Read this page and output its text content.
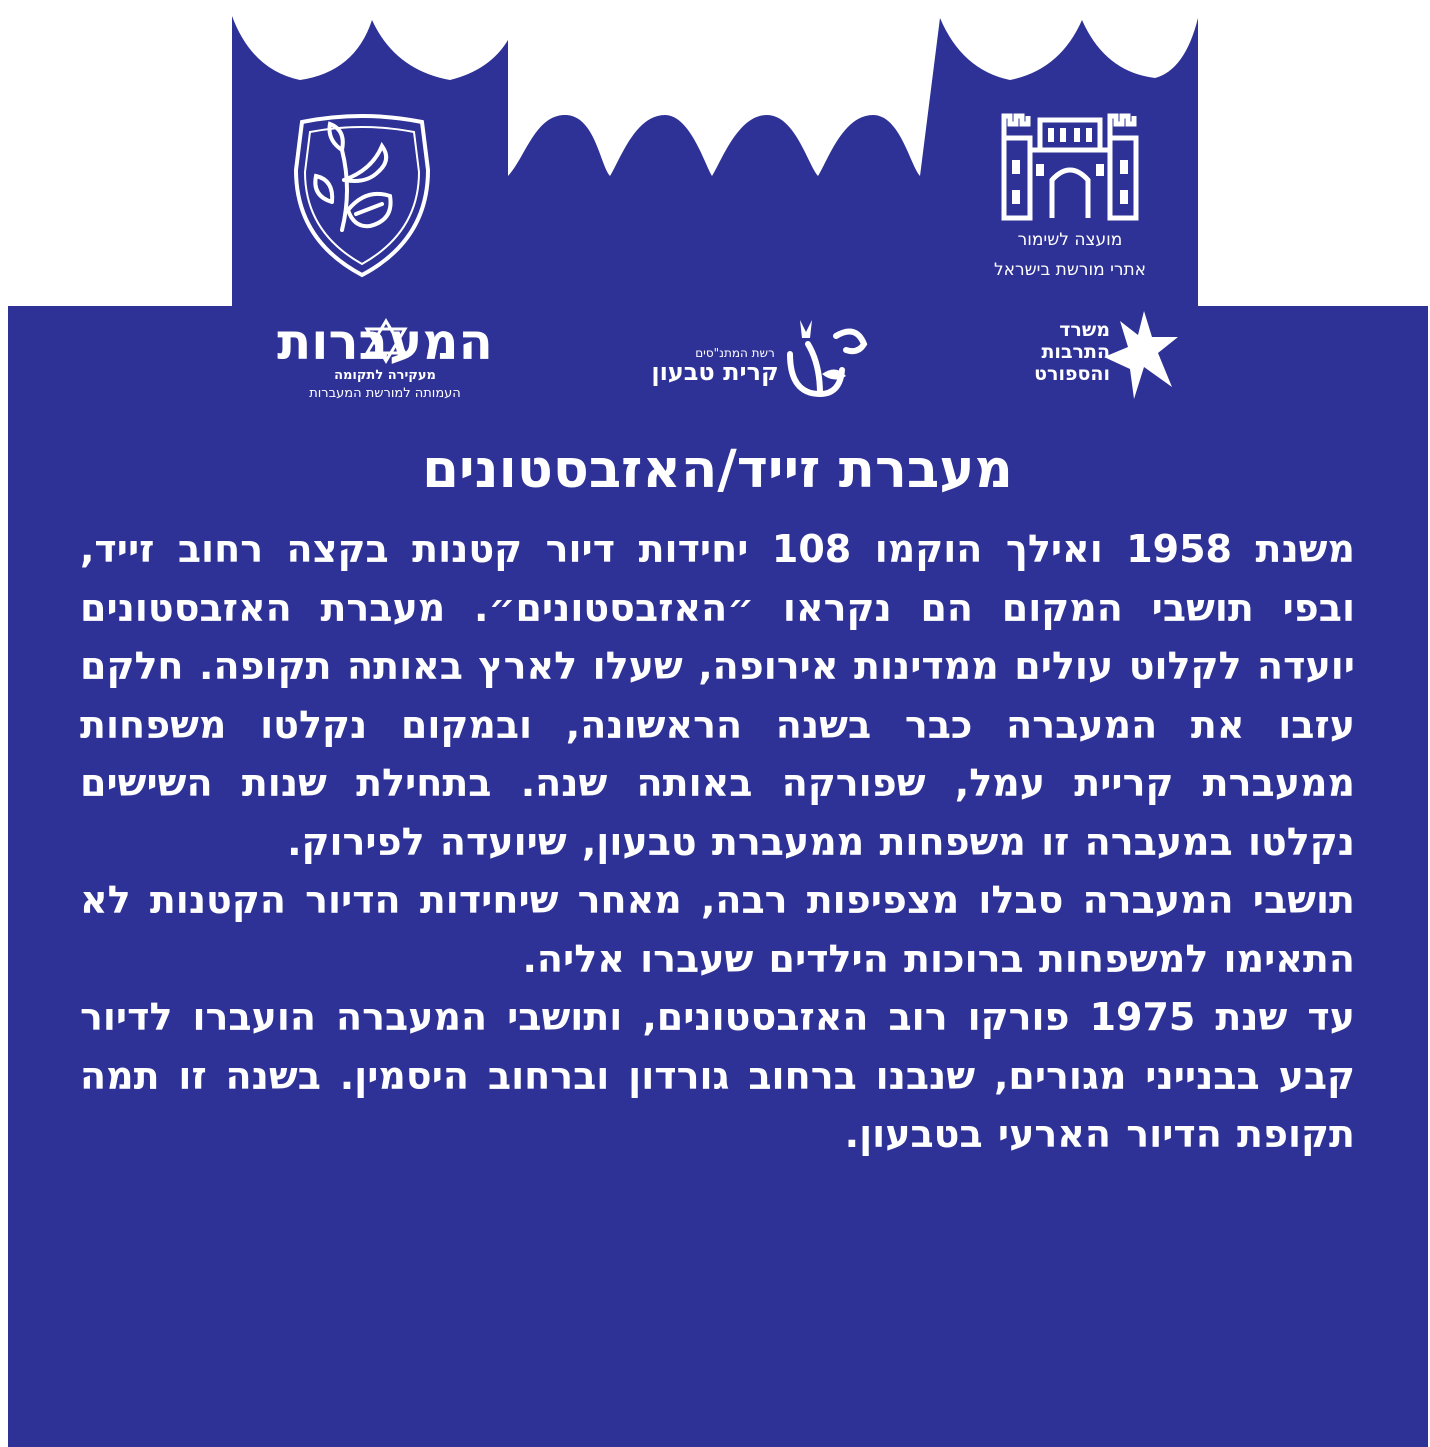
מועצה לשימור
אתרי מורשת בישראל
המעברות
מעקירה לתקומה
העמותה למורשת המעברות
רשת המתנ"סים
קרית טבעון
משרד
התרבות
והספורט
מעברת זייד/האזבסטונים

משנת 1958 ואילך הוקמו 108 יחידות דיור קטנות בקצה רחוב זייד, ובפי תושבי המקום הם נקראו ״האזבסטונים״. מעברת האזבסטונים יועדה לקלוט עולים ממדינות אירופה, שעלו לארץ באותה תקופה. חלקם עזבו את המעברה כבר בשנה הראשונה, ובמקום נקלטו משפחות ממעברת קריית עמל, שפורקה באותה שנה. בתחילת שנות השישים נקלטו במעברה זו משפחות ממעברת טבעון, שיועדה לפירוק.

תושבי המעברה סבלו מצפיפות רבה, מאחר שיחידות הדיור הקטנות לא התאימו למשפחות ברוכות הילדים שעברו אליה.

עד שנת 1975 פורקו רוב האזבסטונים, ותושבי המעברה הועברו לדיור קבע בבנייני מגורים, שנבנו ברחוב גורדון וברחוב היסמין. בשנה זו תמה תקופת הדיור הארעי בטבעון.
